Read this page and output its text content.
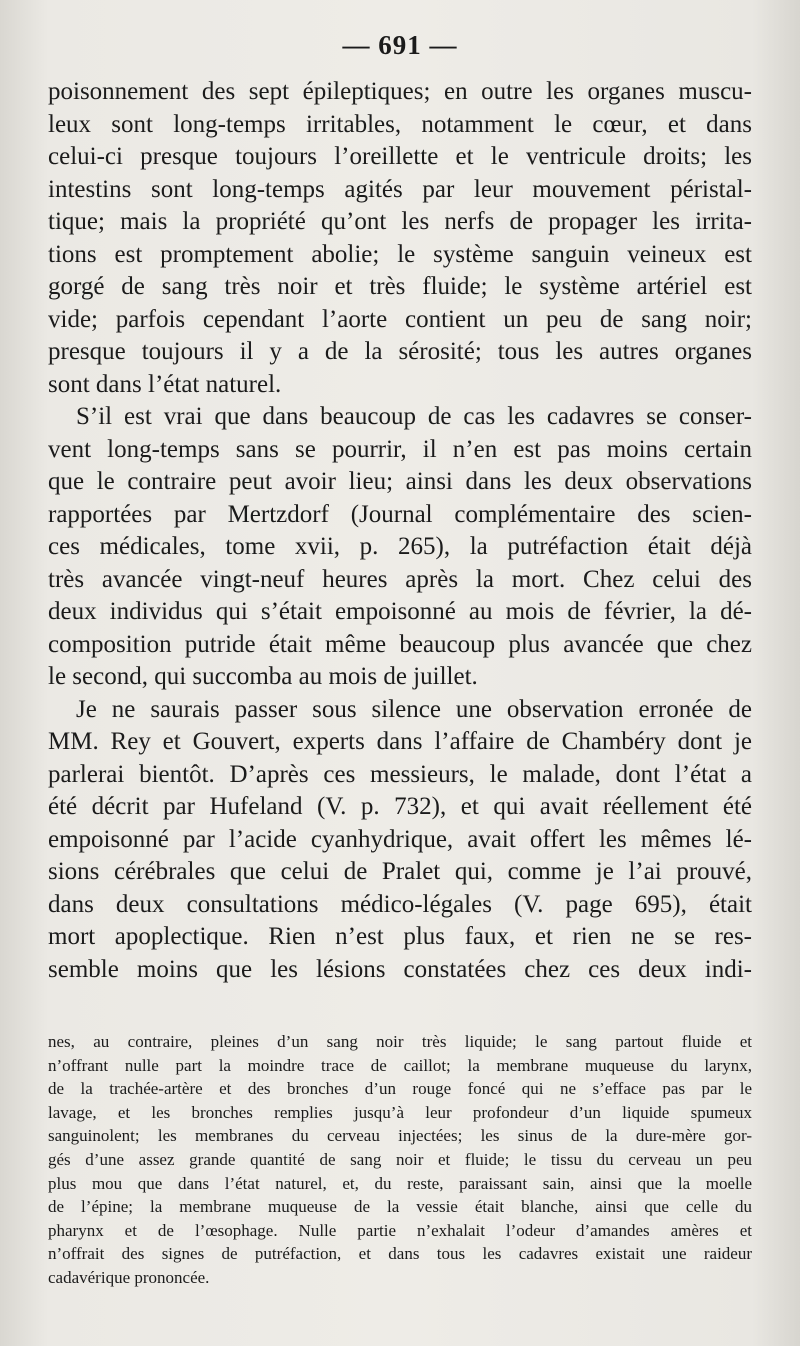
— 691 —
poisonnement des sept épileptiques; en outre les organes muscu-
leux sont long-temps irritables, notamment le cœur, et dans
celui-ci presque toujours l’oreillette et le ventricule droits; les
intestins sont long-temps agités par leur mouvement péristal-
tique; mais la propriété qu’ont les nerfs de propager les irrita-
tions est promptement abolie; le système sanguin veineux est
gorgé de sang très noir et très fluide; le système artériel est
vide; parfois cependant l’aorte contient un peu de sang noir;
presque toujours il y a de la sérosité; tous les autres organes
sont dans l’état naturel.
S’il est vrai que dans beaucoup de cas les cadavres se conser-
vent long-temps sans se pourrir, il n’en est pas moins certain
que le contraire peut avoir lieu; ainsi dans les deux observations
rapportées par Mertzdorf (Journal complémentaire des scien-
ces médicales, tome xvii, p. 265), la putréfaction était déjà
très avancée vingt-neuf heures après la mort. Chez celui des
deux individus qui s’était empoisonné au mois de février, la dé-
composition putride était même beaucoup plus avancée que chez
le second, qui succomba au mois de juillet.
Je ne saurais passer sous silence une observation erronée de
MM. Rey et Gouvert, experts dans l’affaire de Chambéry dont je
parlerai bientôt. D’après ces messieurs, le malade, dont l’état a
été décrit par Hufeland (V. p. 732), et qui avait réellement été
empoisonné par l’acide cyanhydrique, avait offert les mêmes lé-
sions cérébrales que celui de Pralet qui, comme je l’ai prouvé,
dans deux consultations médico-légales (V. page 695), était
mort apoplectique. Rien n’est plus faux, et rien ne se res-
semble moins que les lésions constatées chez ces deux indi-
nes, au contraire, pleines d’un sang noir très liquide; le sang partout fluide et
n’offrant nulle part la moindre trace de caillot; la membrane muqueuse du larynx,
de la trachée-artère et des bronches d’un rouge foncé qui ne s’efface pas par le
lavage, et les bronches remplies jusqu’à leur profondeur d’un liquide spumeux
sanguinolent; les membranes du cerveau injectées; les sinus de la dure-mère gor-
gés d’une assez grande quantité de sang noir et fluide; le tissu du cerveau un peu
plus mou que dans l’état naturel, et, du reste, paraissant sain, ainsi que la moelle
de l’épine; la membrane muqueuse de la vessie était blanche, ainsi que celle du
pharynx et de l’œsophage. Nulle partie n’exhalait l’odeur d’amandes amères et
n’offrait des signes de putréfaction, et dans tous les cadavres existait une raideur
cadavérique prononcée.
